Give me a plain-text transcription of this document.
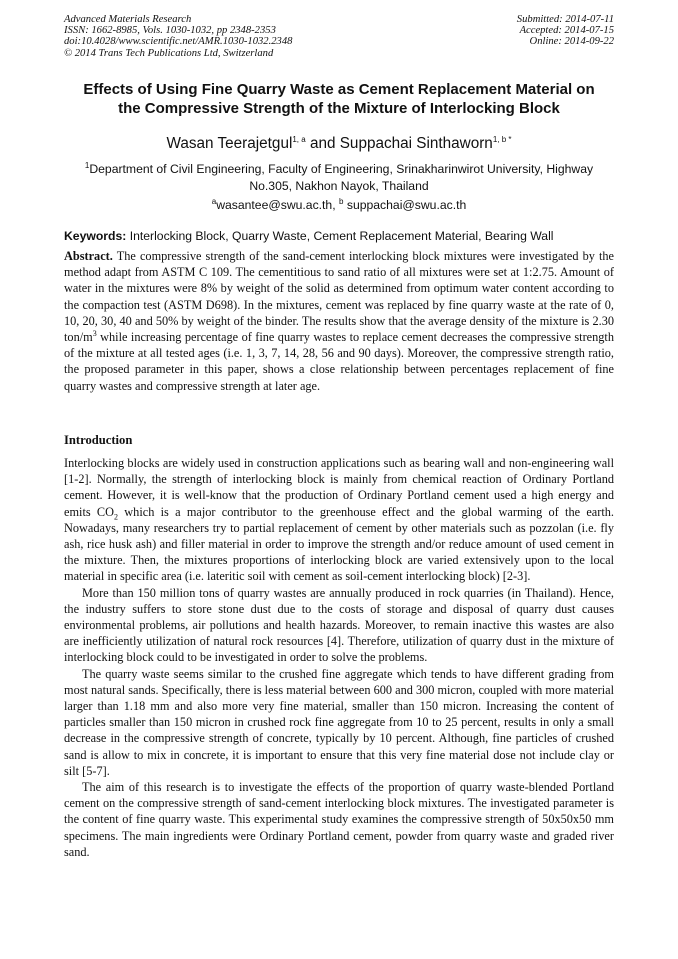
Advanced Materials Research
ISSN: 1662-8985, Vols. 1030-1032, pp 2348-2353
doi:10.4028/www.scientific.net/AMR.1030-1032.2348
© 2014 Trans Tech Publications Ltd, Switzerland
Submitted: 2014-07-11
Accepted: 2014-07-15
Online: 2014-09-22
Effects of Using Fine Quarry Waste as Cement Replacement Material on
the Compressive Strength of the Mixture of Interlocking Block
Wasan Teerajetgul$^{1, a}$ and Suppachai Sinthaworn$^{1, b *}$
$^1$Department of Civil Engineering, Faculty of Engineering, Srinakharinwirot University, Highway No.305, Nakhon Nayok, Thailand
$^a$wasantee@swu.ac.th, $^b$ suppachai@swu.ac.th
Keywords: Interlocking Block, Quarry Waste, Cement Replacement Material, Bearing Wall
Abstract. The compressive strength of the sand-cement interlocking block mixtures were investigated by the method adapt from ASTM C 109. The cementitious to sand ratio of all mixtures were set at 1:2.75. Amount of water in the mixtures were 8% by weight of the solid as determined from optimum water content according to the compaction test (ASTM D698). In the mixtures, cement was replaced by fine quarry waste at the rate of 0, 10, 20, 30, 40 and 50% by weight of the binder. The results show that the average density of the mixture is 2.30 ton/$m^3$ while increasing percentage of fine quarry wastes to replace cement decreases the compressive strength of the mixture at all tested ages (i.e. 1, 3, 7, 14, 28, 56 and 90 days). Moreover, the compressive strength ratio, the proposed parameter in this paper, shows a close relationship between percentages replacement of fine quarry wastes and compressive strength at later age.
Introduction

Interlocking blocks are widely used in construction applications such as bearing wall and non-engineering wall [1-2]. Normally, the strength of interlocking block is mainly from chemical reaction of Ordinary Portland cement. However, it is well-know that the production of Ordinary Portland cement used a high energy and emits $CO_2$ which is a major contributor to the greenhouse effect and the global warming of the earth. Nowadays, many researchers try to partial replacement of cement by other materials such as pozzolan (i.e. fly ash, rice husk ash) and filler material in order to improve the strength and/or reduce amount of used cement in the mixture. Then, the mixtures proportions of interlocking block are varied extensively upon to the local material in specific area (i.e. lateritic soil with cement as soil-cement interlocking block) [2-3].

More than 150 million tons of quarry wastes are annually produced in rock quarries (in Thailand). Hence, the industry suffers to store stone dust due to the costs of storage and disposal of quarry dust causes environmental problems, air pollutions and health hazards. Moreover, to remain inactive this wastes are also are inefficiently utilization of natural rock resources [4]. Therefore, utilization of quarry dust in the mixture of interlocking block could to be investigated in order to solve the problems.

The quarry waste seems similar to the crushed fine aggregate which tends to have different grading from most natural sands. Specifically, there is less material between 600 and 300 micron, coupled with more material larger than 1.18 mm and also more very fine material, smaller than 150 micron. Increasing the content of particles smaller than 150 micron in crushed rock fine aggregate from 10 to 25 percent, results in only a small decrease in the compressive strength of concrete, typically by 10 percent. Although, fine particles of crushed sand is allow to mix in concrete, it is important to ensure that this very fine material dose not include clay or silt [5-7].

The aim of this research is to investigate the effects of the proportion of quarry waste-blended Portland cement on the compressive strength of sand-cement interlocking block mixtures. The investigated parameter is the content of fine quarry waste. This experimental study examines the compressive strength of 50x50x50 mm specimens. The main ingredients were Ordinary Portland cement, powder from quarry waste and graded river sand.
